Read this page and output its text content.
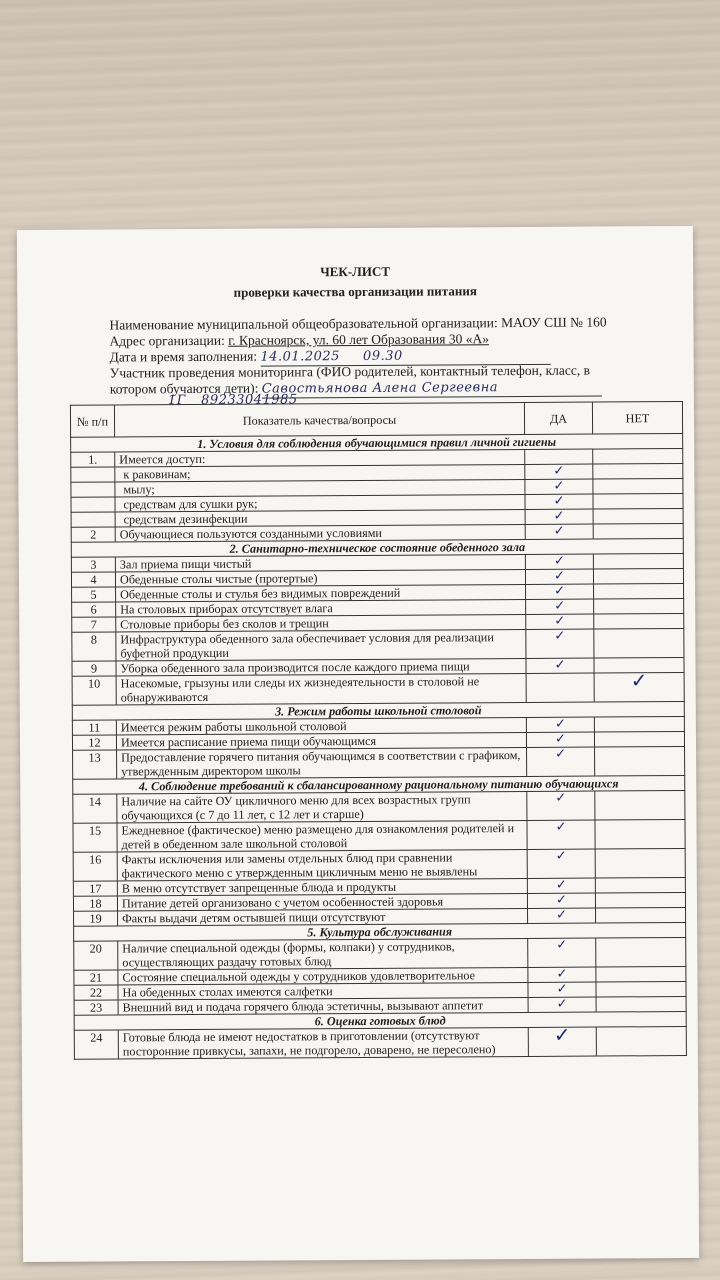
ЧЕК-ЛИСТ
проверки качества организации питания
Наименование муниципальной общеобразовательной организации: МАОУ СШ № 160
Адрес организации: г. Красноярск, ул. 60 лет Образования 30 «А»
Дата и время заполнения: 14.01.2025     09.30
Участник проведения мониторинга (ФИО родителей, контактный телефон, класс, в
котором обучаются дети): Савостьянова Алена Сергеевна
1Г 89233041985
№ п/п	Показатель качества/вопросы	ДА	НЕТ
1. Условия для соблюдения обучающимися правил личной гигиены			
1.	Имеется доступ:		
	к раковинам;	✓	
	мылу;	✓	
	средствам для сушки рук;	✓	
	средствам дезинфекции	✓	
2	Обучающиеся пользуются созданными условиями	✓	
2. Санитарно-техническое состояние обеденного зала			
3	Зал приема пищи чистый	✓	
4	Обеденные столы чистые (протертые)	✓	
5	Обеденные столы и стулья без видимых повреждений	✓	
6	На столовых приборах отсутствует влага	✓	
7	Столовые приборы без сколов и трещин	✓	
8	Инфраструктура обеденного зала обеспечивает условия для реализации буфетной продукции	✓	
9	Уборка обеденного зала производится после каждого приема пищи	✓	
10	Насекомые, грызуны или следы их жизнедеятельности в столовой не обнаруживаются		✓
3. Режим работы школьной столовой			
11	Имеется режим работы школьной столовой	✓	
12	Имеется расписание приема пищи обучающимся	✓	
13	Предоставление горячего питания обучающимся в соответствии с графиком, утвержденным директором школы	✓	
4. Соблюдение требований к сбалансированному рациональному питанию обучающихся			
14	Наличие на сайте ОУ цикличного меню для всех возрастных групп обучающихся (с 7 до 11 лет, с 12 лет и старше)	✓	
15	Ежедневное (фактическое) меню размещено для ознакомления родителей и детей в обеденном зале школьной столовой	✓	
16	Факты исключения или замены отдельных блюд при сравнении фактического меню с утвержденным цикличным меню не выявлены	✓	
17	В меню отсутствует запрещенные блюда и продукты	✓	
18	Питание детей организовано с учетом особенностей здоровья	✓	
19	Факты выдачи детям остывшей пищи отсутствуют	✓	
5. Культура обслуживания			
20	Наличие специальной одежды (формы, колпаки) у сотрудников, осуществляющих раздачу готовых блюд	✓	
21	Состояние специальной одежды у сотрудников удовлетворительное	✓	
22	На обеденных столах имеются салфетки	✓	
23	Внешний вид и подача горячего блюда эстетичны, вызывают аппетит	✓	
6. Оценка готовых блюд			
24	Готовые блюда не имеют недостатков в приготовлении (отсутствуют посторонние привкусы, запахи, не подгорело, доварено, не пересолено)	✓	
